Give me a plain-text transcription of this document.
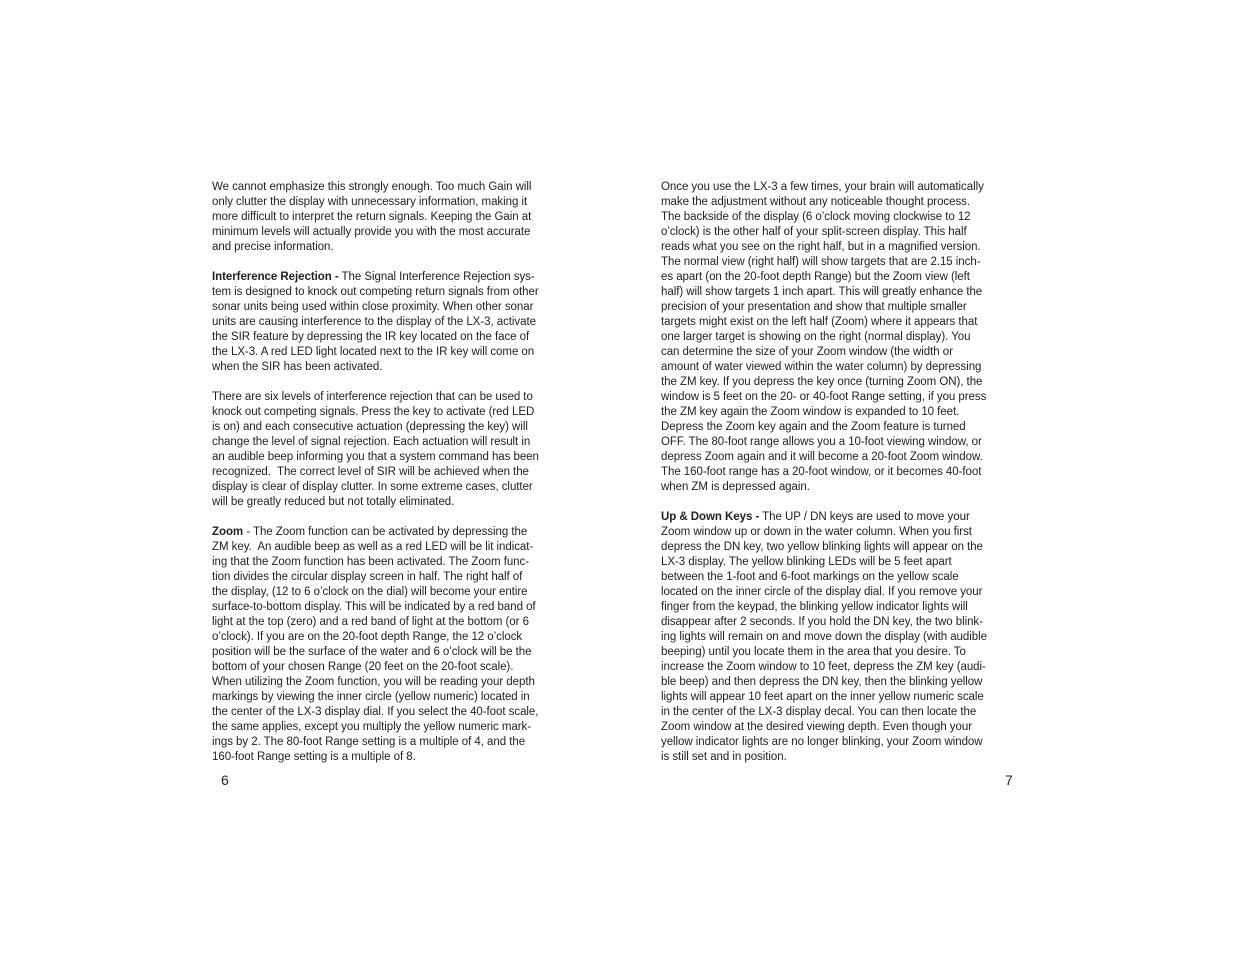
We cannot emphasize this strongly enough. Too much Gain will
only clutter the display with unnecessary information, making it
more difficult to interpret the return signals. Keeping the Gain at
minimum levels will actually provide you with the most accurate
and precise information.
Interference Rejection - The Signal Interference Rejection sys-
tem is designed to knock out competing return signals from other
sonar units being used within close proximity. When other sonar
units are causing interference to the display of the LX-3, activate
the SIR feature by depressing the IR key located on the face of
the LX-3. A red LED light located next to the IR key will come on
when the SIR has been activated.
There are six levels of interference rejection that can be used to
knock out competing signals. Press the key to activate (red LED
is on) and each consecutive actuation (depressing the key) will
change the level of signal rejection. Each actuation will result in
an audible beep informing you that a system command has been
recognized.  The correct level of SIR will be achieved when the
display is clear of display clutter. In some extreme cases, clutter
will be greatly reduced but not totally eliminated.
Zoom - The Zoom function can be activated by depressing the
ZM key.  An audible beep as well as a red LED will be lit indicat-
ing that the Zoom function has been activated. The Zoom func-
tion divides the circular display screen in half. The right half of
the display, (12 to 6 o’clock on the dial) will become your entire
surface-to-bottom display. This will be indicated by a red band of
light at the top (zero) and a red band of light at the bottom (or 6
o’clock). If you are on the 20-foot depth Range, the 12 o’clock
position will be the surface of the water and 6 o’clock will be the
bottom of your chosen Range (20 feet on the 20-foot scale).
When utilizing the Zoom function, you will be reading your depth
markings by viewing the inner circle (yellow numeric) located in
the center of the LX-3 display dial. If you select the 40-foot scale,
the same applies, except you multiply the yellow numeric mark-
ings by 2. The 80-foot Range setting is a multiple of 4, and the
160-foot Range setting is a multiple of 8.
Once you use the LX-3 a few times, your brain will automatically
make the adjustment without any noticeable thought process.
The backside of the display (6 o’clock moving clockwise to 12
o’clock) is the other half of your split-screen display. This half
reads what you see on the right half, but in a magnified version.
The normal view (right half) will show targets that are 2.15 inch-
es apart (on the 20-foot depth Range) but the Zoom view (left
half) will show targets 1 inch apart. This will greatly enhance the
precision of your presentation and show that multiple smaller
targets might exist on the left half (Zoom) where it appears that
one larger target is showing on the right (normal display). You
can determine the size of your Zoom window (the width or
amount of water viewed within the water column) by depressing
the ZM key. If you depress the key once (turning Zoom ON), the
window is 5 feet on the 20- or 40-foot Range setting, if you press
the ZM key again the Zoom window is expanded to 10 feet.
Depress the Zoom key again and the Zoom feature is turned
OFF. The 80-foot range allows you a 10-foot viewing window, or
depress Zoom again and it will become a 20-foot Zoom window.
The 160-foot range has a 20-foot window, or it becomes 40-foot
when ZM is depressed again.
Up & Down Keys - The UP / DN keys are used to move your
Zoom window up or down in the water column. When you first
depress the DN key, two yellow blinking lights will appear on the
LX-3 display. The yellow blinking LEDs will be 5 feet apart
between the 1-foot and 6-foot markings on the yellow scale
located on the inner circle of the display dial. If you remove your
finger from the keypad, the blinking yellow indicator lights will
disappear after 2 seconds. If you hold the DN key, the two blink-
ing lights will remain on and move down the display (with audible
beeping) until you locate them in the area that you desire. To
increase the Zoom window to 10 feet, depress the ZM key (audi-
ble beep) and then depress the DN key, then the blinking yellow
lights will appear 10 feet apart on the inner yellow numeric scale
in the center of the LX-3 display decal. You can then locate the
Zoom window at the desired viewing depth. Even though your
yellow indicator lights are no longer blinking, your Zoom window
is still set and in position.
6	7
